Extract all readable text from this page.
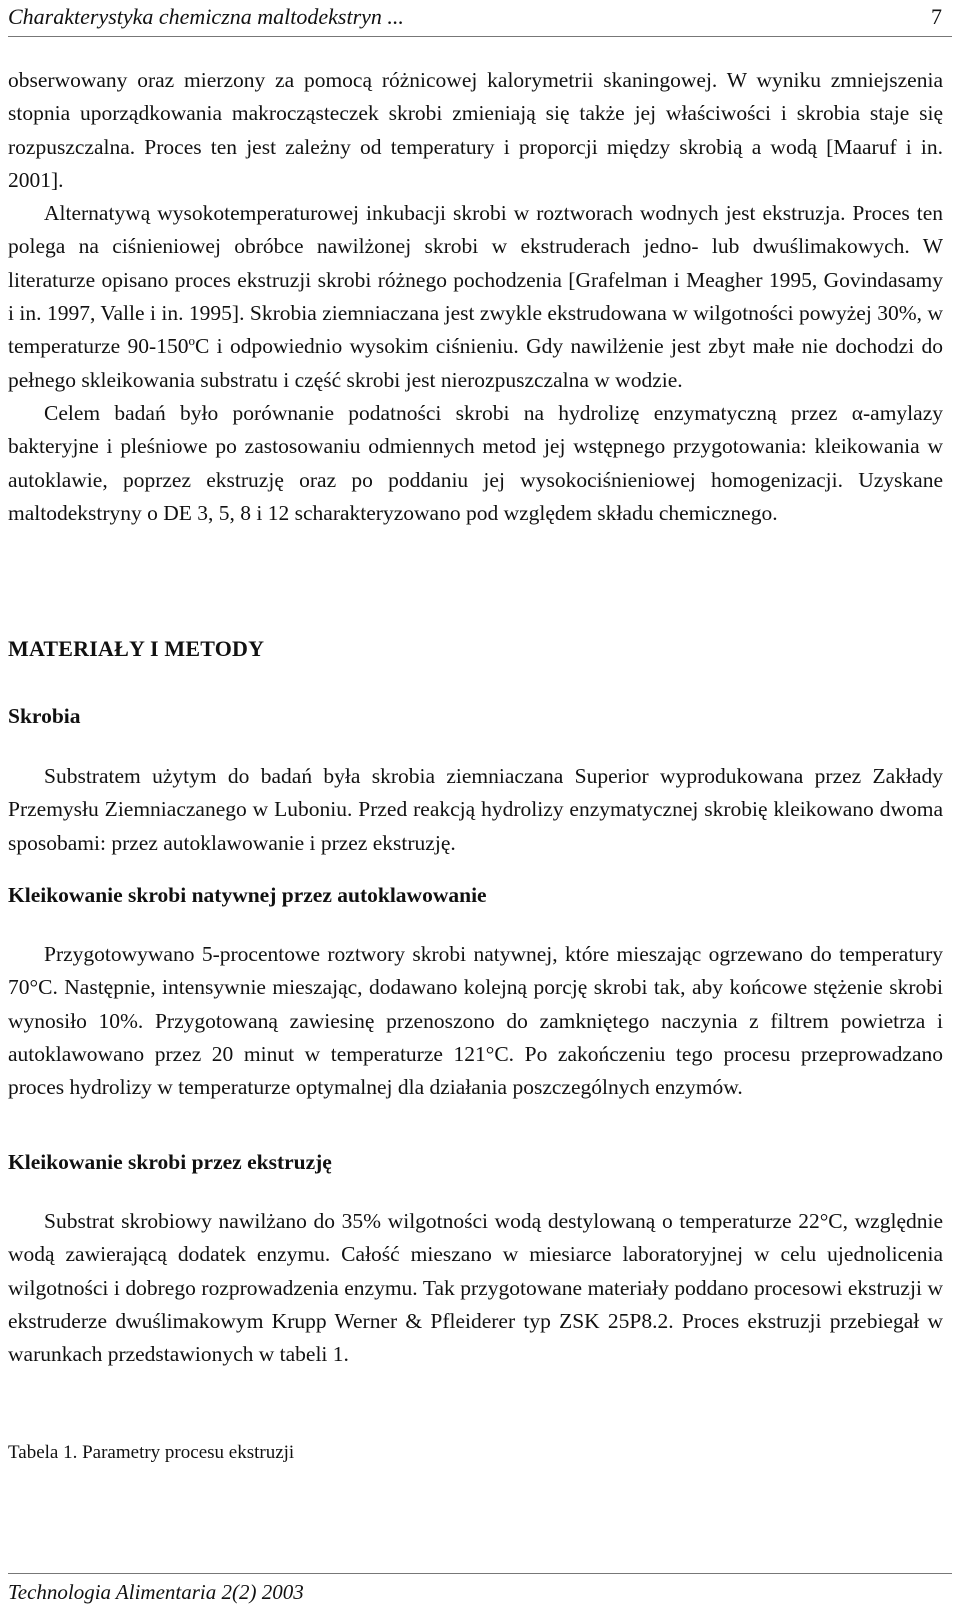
Charakterystyka chemiczna maltodekstryn ...	7

obserwowany oraz mierzony za pomocą różnicowej kalorymetrii skaningowej. W wyniku zmniejszenia stopnia uporządkowania makrocząsteczek skrobi zmieniają się także jej właściwości i skrobia staje się rozpuszczalna. Proces ten jest zależny od temperatury i proporcji między skrobią a wodą [Maaruf i in. 2001].

Alternatywą wysokotemperaturowej inkubacji skrobi w roztworach wodnych jest ekstruzja. Proces ten polega na ciśnieniowej obróbce nawilżonej skrobi w ekstruderach jedno- lub dwuślimakowych. W literaturze opisano proces ekstruzji skrobi różnego pochodzenia [Grafelman i Meagher 1995, Govindasamy i in. 1997, Valle i in. 1995]. Skrobia ziemniaczana jest zwykle ekstrudowana w wilgotności powyżej 30%, w temperaturze 90-150$^o$C i odpowiednio wysokim ciśnieniu. Gdy nawilżenie jest zbyt małe nie dochodzi do pełnego skleikowania substratu i część skrobi jest nierozpuszczalna w wodzie.

Celem badań było porównanie podatności skrobi na hydrolizę enzymatyczną przez α-amylazy bakteryjne i pleśniowe po zastosowaniu odmiennych metod jej wstępnego przygotowania: kleikowania w autoklawie, poprzez ekstruzję oraz po poddaniu jej wysokociśnieniowej homogenizacji. Uzyskane maltodekstryny o DE 3, 5, 8 i 12 scharakteryzowano pod względem składu chemicznego.

MATERIAŁY I METODY
Skrobia

Substratem użytym do badań była skrobia ziemniaczana Superior wyprodukowana przez Zakłady Przemysłu Ziemniaczanego w Luboniu. Przed reakcją hydrolizy enzymatycznej skrobię kleikowano dwoma sposobami: przez autoklawowanie i przez ekstruzję.

Kleikowanie skrobi natywnej przez autoklawowanie

Przygotowywano 5-procentowe roztwory skrobi natywnej, które mieszając ogrzewano do temperatury 70°C. Następnie, intensywnie mieszając, dodawano kolejną porcję skrobi tak, aby końcowe stężenie skrobi wynosiło 10%. Przygotowaną zawiesinę przenoszono do zamkniętego naczynia z filtrem powietrza i autoklawowano przez 20 minut w temperaturze 121°C. Po zakończeniu tego procesu przeprowadzano proces hydrolizy w temperaturze optymalnej dla działania poszczególnych enzymów.

Kleikowanie skrobi przez ekstruzję

Substrat skrobiowy nawilżano do 35% wilgotności wodą destylowaną o temperaturze 22°C, względnie wodą zawierającą dodatek enzymu. Całość mieszano w miesiarce laboratoryjnej w celu ujednolicenia wilgotności i dobrego rozprowadzenia enzymu. Tak przygotowane materiały poddano procesowi ekstruzji w ekstruderze dwuślimakowym Krupp Werner & Pfleiderer typ ZSK 25P8.2. Proces ekstruzji przebiegał w warunkach przedstawionych w tabeli 1.

Tabela 1. Parametry procesu ekstruzji
Technologia Alimentaria 2(2) 2003
